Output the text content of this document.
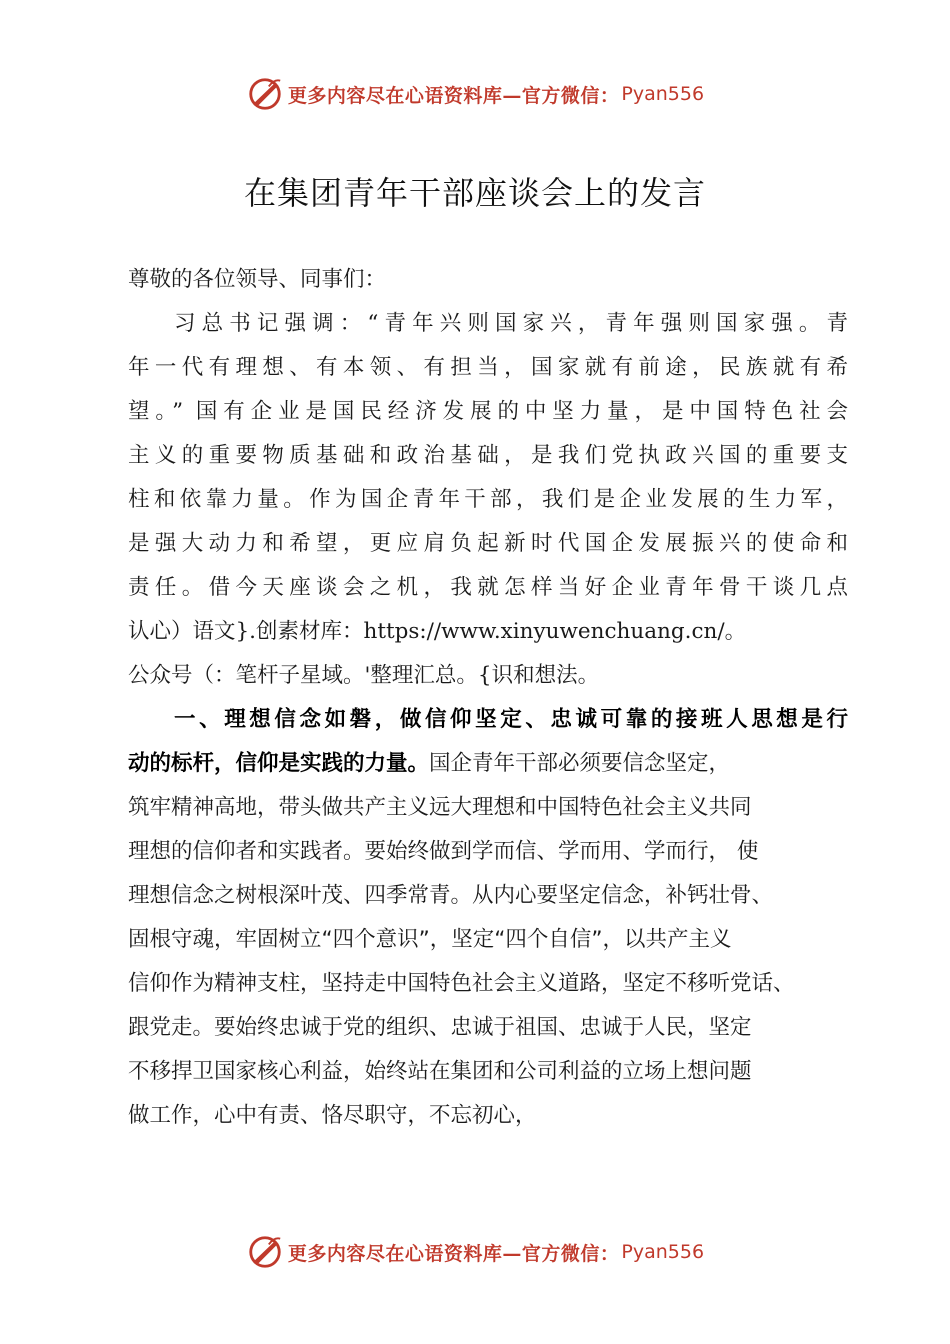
更多内容尽在心语资料库—官方微信： Pyan556
在集团青年干部座谈会上的发言
尊敬的各位领导、同事们：
习总书记强调：“青年兴则国家兴，青年强则国家强。青
年一代有理想、有本领、有担当，国家就有前途，民族就有希
望。” 国有企业是国民经济发展的中坚力量，是中国特色社会
主义的重要物质基础和政治基础，是我们党执政兴国的重要支
柱和依靠力量。作为国企青年干部，我们是企业发展的生力军，
是强大动力和希望，更应肩负起新时代国企发展振兴的使命和
责任。借今天座谈会之机，我就怎样当好企业青年骨干谈几点
认心）语文}.创素材库：https://www.xinyuwenchuang.cn/。
公众号（：笔杆子星域。'整理汇总。{识和想法。
一、理想信念如磐，做信仰坚定、忠诚可靠的接班人思想是行
动的标杆，信仰是实践的力量。国企青年干部必须要信念坚定，
筑牢精神高地，带头做共产主义远大理想和中国特色社会主义共同
理想的信仰者和实践者。要始终做到学而信、学而用、学而行， 使
理想信念之树根深叶茂、四季常青。从内心要坚定信念，补钙壮骨、
固根守魂，牢固树立“四个意识”，坚定“四个自信”，以共产主义
信仰作为精神支柱，坚持走中国特色社会主义道路，坚定不移听党话、
跟党走。要始终忠诚于党的组织、忠诚于祖国、忠诚于人民，坚定
不移捍卫国家核心利益，始终站在集团和公司利益的立场上想问题
做工作，心中有责、恪尽职守，不忘初心，
更多内容尽在心语资料库—官方微信： Pyan556
